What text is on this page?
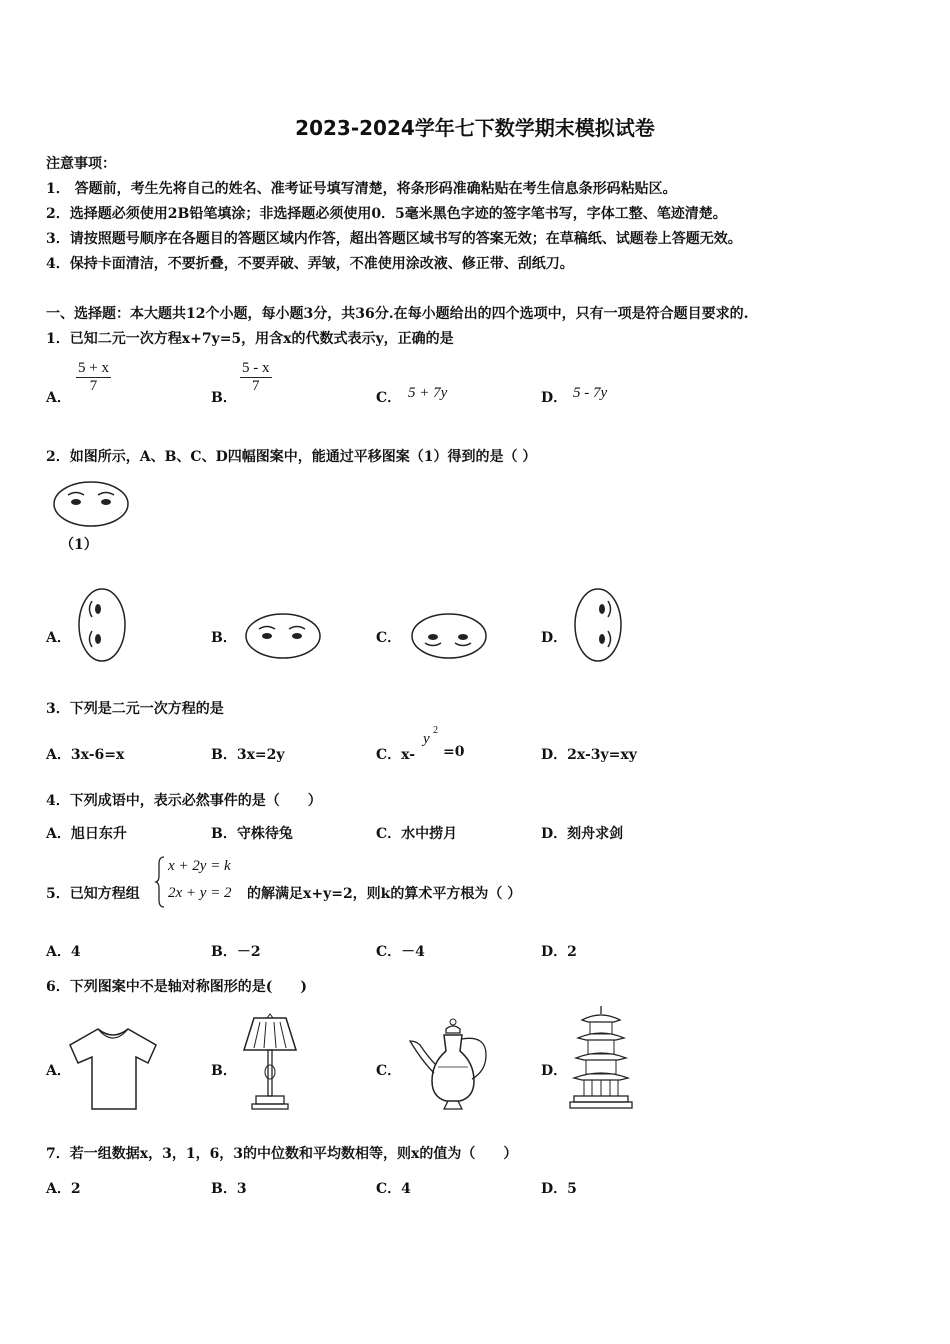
2023-2024学年七下数学期末模拟试卷
注意事项：
1． 答题前，考生先将自己的姓名、准考证号填写清楚，将条形码准确粘贴在考生信息条形码粘贴区。
2．选择题必须使用2B铅笔填涂；非选择题必须使用0．5毫米黑色字迹的签字笔书写，字体工整、笔迹清楚。
3．请按照题号顺序在各题目的答题区域内作答，超出答题区域书写的答案无效；在草稿纸、试题卷上答题无效。
4．保持卡面清洁，不要折叠，不要弄破、弄皱，不准使用涂改液、修正带、刮纸刀。
一、选择题：本大题共12个小题，每小题3分，共36分.在每小题给出的四个选项中，只有一项是符合题目要求的.
1．已知二元一次方程x+7y=5，用含x的代数式表示y，正确的是
A．
$\frac{5 + x}{7}$
B．
$\frac{5 - x}{7}$
C． 5 + 7y	D． 5 - 7y
2．如图所示，A、B、C、D四幅图案中，能通过平移图案（1）得到的是（ ）
（1）
A．	B．	C．	D．
3．下列是二元一次方程的是
A．3x-6=x	B．3x=2y	C．x-
y
2
=0	D．2x-3y=xy
4．下列成语中，表示必然事件的是（　　）
A．旭日东升	B．守株待兔	C．水中捞月	D．刻舟求剑
5．已知方程组
x + 2y = k
2x + y = 2 的解满足x+y=2，则k的算术平方根为（ ）
A．4	B．－2	C．－4	D．2
6．下列图案中不是轴对称图形的是(　　)
A．	B．	C．	D．
7．若一组数据x，3，1，6，3的中位数和平均数相等，则x的值为（　　）
A．2	B．3	C．4	D．5
